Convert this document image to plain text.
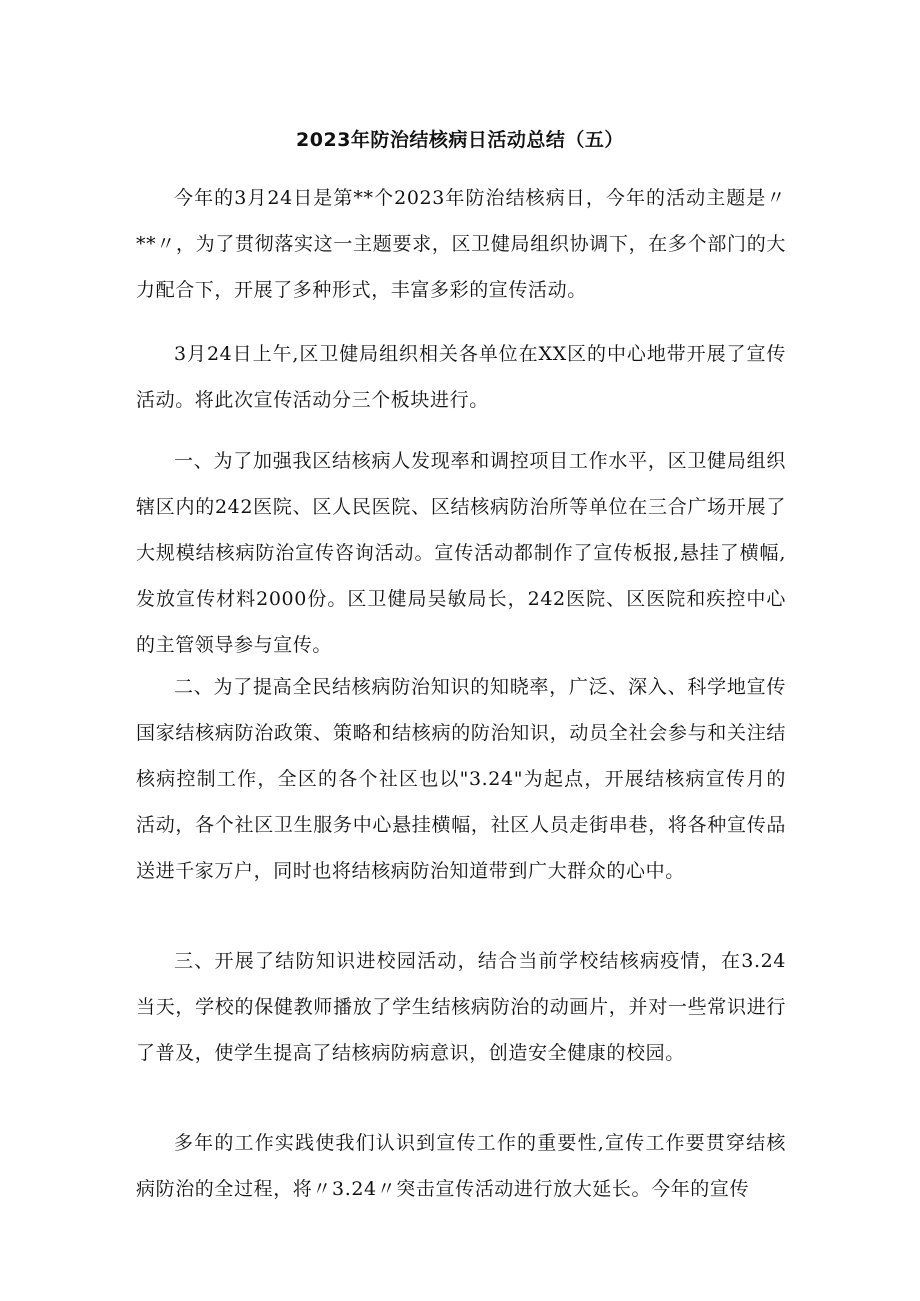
2023年防治结核病日活动总结（五）

今年的3月24日是第**个2023年防治结核病日，今年的活动主题是〃**〃，为了贯彻落实这一主题要求，区卫健局组织协调下，在多个部门的大力配合下，开展了多种形式，丰富多彩的宣传活动。

3月24日上午,区卫健局组织相关各单位在XX区的中心地带开展了宣传活动。将此次宣传活动分三个板块进行。

一、为了加强我区结核病人发现率和调控项目工作水平，区卫健局组织辖区内的242医院、区人民医院、区结核病防治所等单位在三合广场开展了大规模结核病防治宣传咨询活动。宣传活动都制作了宣传板报,悬挂了横幅,发放宣传材料2000份。区卫健局吴敏局长，242医院、区医院和疾控中心的主管领导参与宣传。

二、为了提高全民结核病防治知识的知晓率，广泛、深入、科学地宣传国家结核病防治政策、策略和结核病的防治知识，动员全社会参与和关注结核病控制工作，全区的各个社区也以"3.24"为起点，开展结核病宣传月的活动，各个社区卫生服务中心悬挂横幅，社区人员走街串巷，将各种宣传品送进千家万户，同时也将结核病防治知道带到广大群众的心中。

三、开展了结防知识进校园活动，结合当前学校结核病疫情，在3.24当天，学校的保健教师播放了学生结核病防治的动画片，并对一些常识进行了普及，使学生提高了结核病防病意识，创造安全健康的校园。

多年的工作实践使我们认识到宣传工作的重要性,宣传工作要贯穿结核病防治的全过程，将〃3.24〃突击宣传活动进行放大延长。今年的宣传
